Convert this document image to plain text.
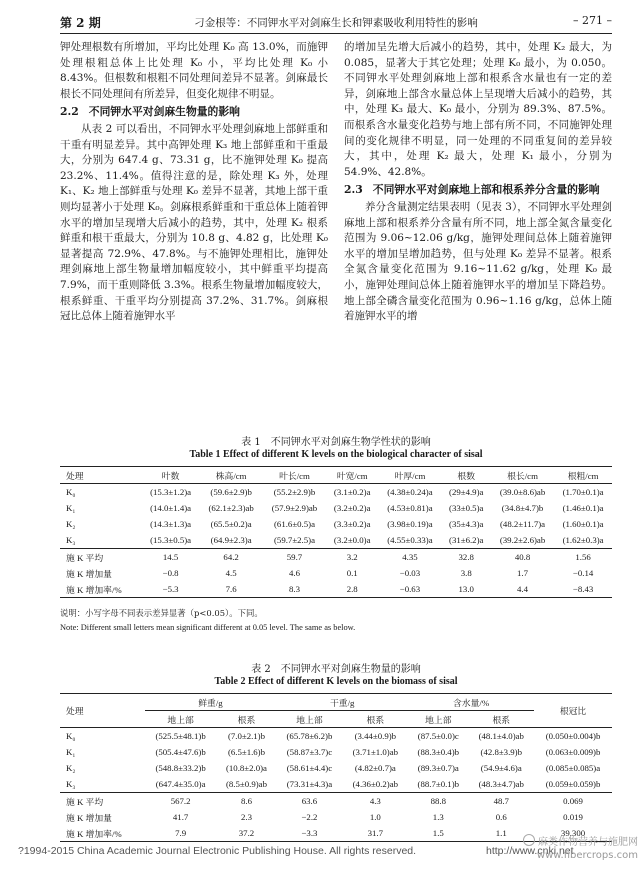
第 2 期	刁金根等：不同钾水平对剑麻生长和钾素吸收利用特性的影响	– 271 –

钾处理根数有所增加，平均比处理 K₀ 高 13.0%，而施钾处理根粗总体上比处理 K₀ 小，平均比处理 K₀ 小 8.43%。但根数和根粗不同处理间差异不显著。剑麻最长根长不同处理间有所差异，但变化规律不明显。

2.2 不同钾水平对剑麻生物量的影响

从表 2 可以看出，不同钾水平处理剑麻地上部鲜重和干重有明显差异。其中高钾处理 K₃ 地上部鲜重和干重最大，分别为 647.4 g、73.31 g，比不施钾处理 K₀ 提高 23.2%、11.4%。值得注意的是，除处理 K₃ 外，处理 K₁、K₂ 地上部鲜重与处理 K₀ 差异不显著，其地上部干重则均显著小于处理 K₀。剑麻根系鲜重和干重总体上随着钾水平的增加呈现增大后减小的趋势，其中，处理 K₂ 根系鲜重和根干重最大，分别为 10.8 g、4.82 g，比处理 K₀ 显著提高 72.9%、47.8%。与不施钾处理相比，施钾处理剑麻地上部生物量增加幅度较小，其中鲜重平均提高 7.9%，而干重则降低 3.3%。根系生物量增加幅度较大，根系鲜重、干重平均分别提高 37.2%、31.7%。剑麻根冠比总体上随着施钾水平

的增加呈先增大后减小的趋势，其中，处理 K₂ 最大，为 0.085，显著大于其它处理；处理 K₀ 最小，为 0.050。不同钾水平处理剑麻地上部和根系含水量也有一定的差异，剑麻地上部含水量总体上呈现增大后减小的趋势，其中，处理 K₃ 最大、K₀ 最小，分别为 89.3%、87.5%。而根系含水量变化趋势与地上部有所不同，不同施钾处理间的变化规律不明显，同一处理的不同重复间的差异较大，其中，处理 K₂ 最大，处理 K₁ 最小，分别为 54.9%、42.8%。

2.3 不同钾水平对剑麻地上部和根系养分含量的影响

养分含量测定结果表明（见表 3），不同钾水平处理剑麻地上部和根系养分含量有所不同，地上部全氮含量变化范围为 9.06~12.06 g/kg，施钾处理间总体上随着施钾水平的增加呈增加趋势，但与处理 K₀ 差异不显著。根系全氮含量变化范围为 9.16~11.62 g/kg，处理 K₀ 最小，施钾处理间总体上随着施钾水平的增加呈下降趋势。地上部全磷含量变化范围为 0.96~1.16 g/kg，总体上随着施钾水平的增

表 1　不同钾水平对剑麻生物学性状的影响
Table 1 Effect of different K levels on the biological character of sisal
处理	叶数	株高/cm	叶长/cm	叶宽/cm	叶厚/cm	根数	根长/cm	根粗/cm
K₀	(15.3±1.2)a	(59.6±2.9)b	(55.2±2.9)b	(3.1±0.2)a	(4.38±0.24)a	(29±4.9)a	(39.0±8.6)ab	(1.70±0.1)a
K₁	(14.0±1.4)a	(62.1±2.3)ab	(57.9±2.9)ab	(3.2±0.2)a	(4.53±0.81)a	(33±0.5)a	(34.8±4.7)b	(1.46±0.1)a
K₂	(14.3±1.3)a	(65.5±0.2)a	(61.6±0.5)a	(3.3±0.2)a	(3.98±0.19)a	(35±4.3)a	(48.2±11.7)a	(1.60±0.1)a
K₃	(15.3±0.5)a	(64.9±2.3)a	(59.7±2.5)a	(3.2±0.0)a	(4.55±0.33)a	(31±6.2)a	(39.2±2.6)ab	(1.62±0.3)a
施 K 平均	14.5	64.2	59.7	3.2	4.35	32.8	40.8	1.56
施 K 增加量	−0.8	4.5	4.6	0.1	−0.03	3.8	1.7	−0.14
施 K 增加率/%	−5.3	7.6	8.3	2.8	−0.63	13.0	4.4	−8.43
说明：小写字母不同表示差异显著（p<0.05）。下同。
Note: Different small letters mean significant different at 0.05 level. The same as below.
表 2　不同钾水平对剑麻生物量的影响
Table 2 Effect of different K levels on the biomass of sisal
处理	鲜重/g		干重/g		含水量/%		根冠比
	地上部	根系	地上部	根系	地上部	根系	
K₀	(525.5±48.1)b	(7.0±2.1)b	(65.78±6.2)b	(3.44±0.9)b	(87.5±0.0)c	(48.1±4.0)ab	(0.050±0.004)b
K₁	(505.4±47.6)b	(6.5±1.6)b	(58.87±3.7)c	(3.71±1.0)ab	(88.3±0.4)b	(42.8±3.9)b	(0.063±0.009)b
K₂	(548.8±33.2)b	(10.8±2.0)a	(58.61±4.4)c	(4.82±0.7)a	(89.3±0.7)a	(54.9±4.6)a	(0.085±0.085)a
K₃	(647.4±35.0)a	(8.5±0.9)ab	(73.31±4.3)a	(4.36±0.2)ab	(88.7±0.1)b	(48.3±4.7)ab	(0.059±0.059)b
施 K 平均	567.2	8.6	63.6	4.3	88.8	48.7	0.069
施 K 增加量	41.7	2.3	−2.2	1.0	1.3	0.6	0.019
施 K 增加率/%	7.9	37.2	−3.3	31.7	1.5	1.1	39.300
?1994-2015 China Academic Journal Electronic Publishing House. All rights reserved.	http://www.cnki.net
麻类作物营养与施肥网
www.fibercrops.com
